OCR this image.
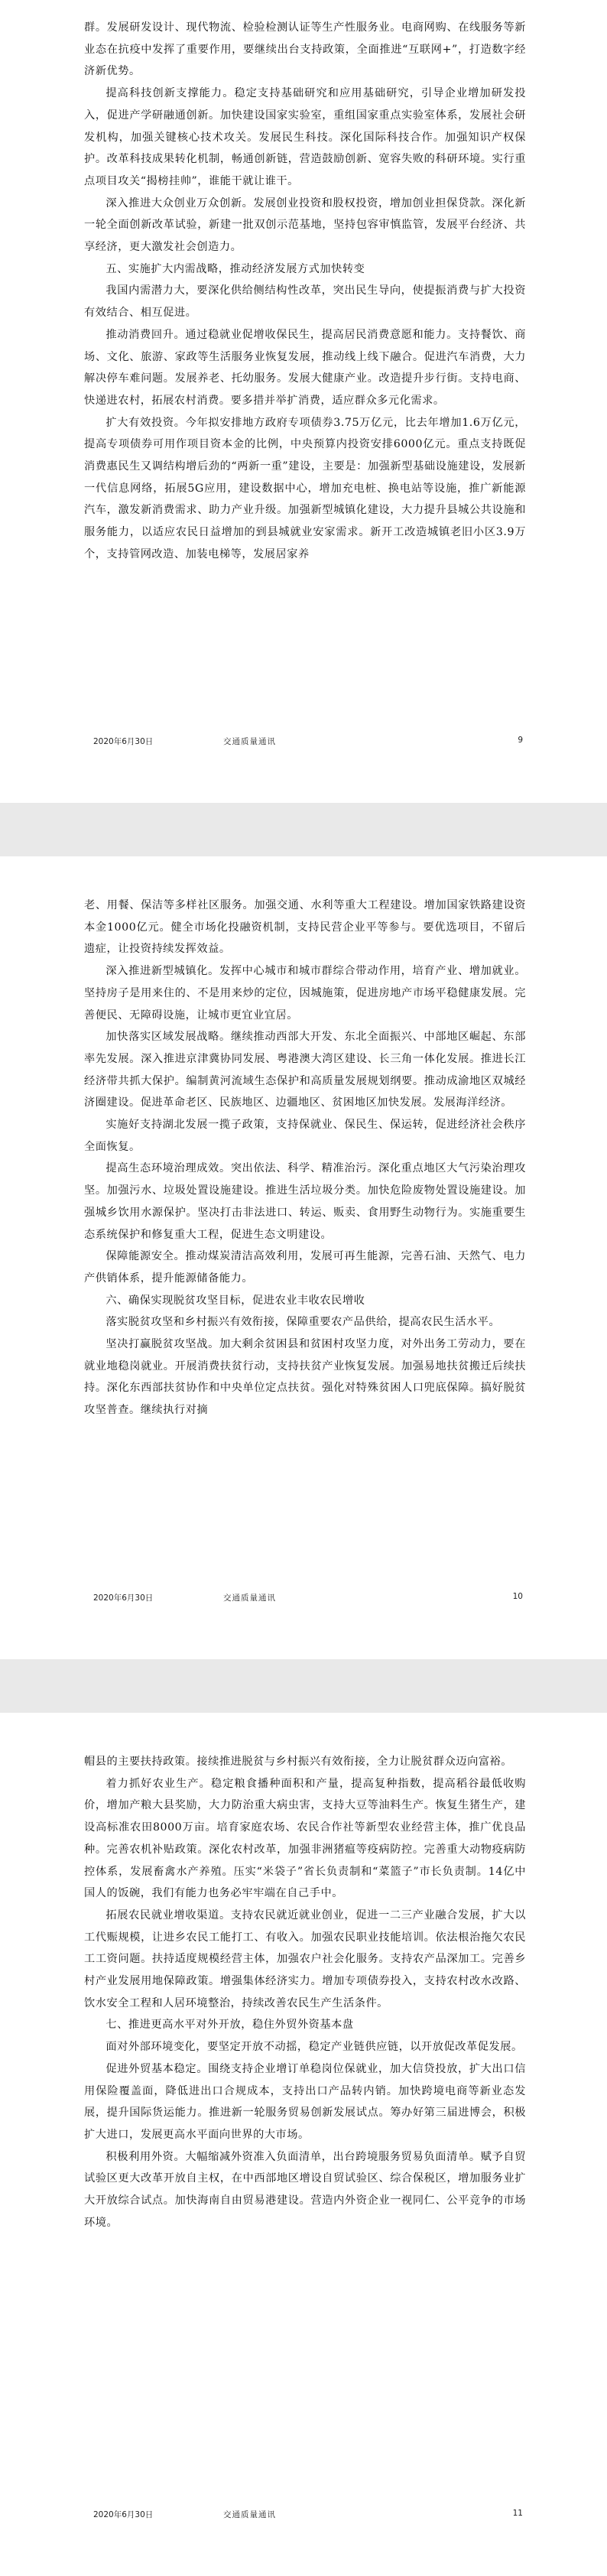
群。发展研发设计、现代物流、检验检测认证等生产性服务业。电商网购、在线服务等新业态在抗疫中发挥了重要作用，要继续出台支持政策，全面推进“互联网+”，打造数字经济新优势。

提高科技创新支撑能力。稳定支持基础研究和应用基础研究，引导企业增加研发投入，促进产学研融通创新。加快建设国家实验室，重组国家重点实验室体系，发展社会研发机构，加强关键核心技术攻关。发展民生科技。深化国际科技合作。加强知识产权保护。改革科技成果转化机制，畅通创新链，营造鼓励创新、宽容失败的科研环境。实行重点项目攻关“揭榜挂帅”，谁能干就让谁干。

深入推进大众创业万众创新。发展创业投资和股权投资，增加创业担保贷款。深化新一轮全面创新改革试验，新建一批双创示范基地，坚持包容审慎监管，发展平台经济、共享经济，更大激发社会创造力。

五、实施扩大内需战略，推动经济发展方式加快转变

我国内需潜力大，要深化供给侧结构性改革，突出民生导向，使提振消费与扩大投资有效结合、相互促进。

推动消费回升。通过稳就业促增收保民生，提高居民消费意愿和能力。支持餐饮、商场、文化、旅游、家政等生活服务业恢复发展，推动线上线下融合。促进汽车消费，大力解决停车难问题。发展养老、托幼服务。发展大健康产业。改造提升步行街。支持电商、快递进农村，拓展农村消费。要多措并举扩消费，适应群众多元化需求。

扩大有效投资。今年拟安排地方政府专项债券3.75万亿元，比去年增加1.6万亿元，提高专项债券可用作项目资本金的比例，中央预算内投资安排6000亿元。重点支持既促消费惠民生又调结构增后劲的“两新一重”建设，主要是：加强新型基础设施建设，发展新一代信息网络，拓展5G应用，建设数据中心，增加充电桩、换电站等设施，推广新能源汽车，激发新消费需求、助力产业升级。加强新型城镇化建设，大力提升县城公共设施和服务能力，以适应农民日益增加的到县城就业安家需求。新开工改造城镇老旧小区3.9万个，支持管网改造、加装电梯等，发展居家养

2020年6月30日	交通质量通讯	9

老、用餐、保洁等多样社区服务。加强交通、水利等重大工程建设。增加国家铁路建设资本金1000亿元。健全市场化投融资机制，支持民营企业平等参与。要优选项目，不留后遗症，让投资持续发挥效益。

深入推进新型城镇化。发挥中心城市和城市群综合带动作用，培育产业、增加就业。坚持房子是用来住的、不是用来炒的定位，因城施策，促进房地产市场平稳健康发展。完善便民、无障碍设施，让城市更宜业宜居。

加快落实区域发展战略。继续推动西部大开发、东北全面振兴、中部地区崛起、东部率先发展。深入推进京津冀协同发展、粤港澳大湾区建设、长三角一体化发展。推进长江经济带共抓大保护。编制黄河流域生态保护和高质量发展规划纲要。推动成渝地区双城经济圈建设。促进革命老区、民族地区、边疆地区、贫困地区加快发展。发展海洋经济。

实施好支持湖北发展一揽子政策，支持保就业、保民生、保运转，促进经济社会秩序全面恢复。

提高生态环境治理成效。突出依法、科学、精准治污。深化重点地区大气污染治理攻坚。加强污水、垃圾处置设施建设。推进生活垃圾分类。加快危险废物处置设施建设。加强城乡饮用水源保护。坚决打击非法进口、转运、贩卖、食用野生动物行为。实施重要生态系统保护和修复重大工程，促进生态文明建设。

保障能源安全。推动煤炭清洁高效利用，发展可再生能源，完善石油、天然气、电力产供销体系，提升能源储备能力。

六、确保实现脱贫攻坚目标，促进农业丰收农民增收

落实脱贫攻坚和乡村振兴有效衔接，保障重要农产品供给，提高农民生活水平。

坚决打赢脱贫攻坚战。加大剩余贫困县和贫困村攻坚力度，对外出务工劳动力，要在就业地稳岗就业。开展消费扶贫行动，支持扶贫产业恢复发展。加强易地扶贫搬迁后续扶持。深化东西部扶贫协作和中央单位定点扶贫。强化对特殊贫困人口兜底保障。搞好脱贫攻坚普查。继续执行对摘

2020年6月30日	交通质量通讯	10

帽县的主要扶持政策。接续推进脱贫与乡村振兴有效衔接，全力让脱贫群众迈向富裕。

着力抓好农业生产。稳定粮食播种面积和产量，提高复种指数，提高稻谷最低收购价，增加产粮大县奖励，大力防治重大病虫害，支持大豆等油料生产。恢复生猪生产，建设高标准农田8000万亩。培育家庭农场、农民合作社等新型农业经营主体，推广优良品种。完善农机补贴政策。深化农村改革，加强非洲猪瘟等疫病防控。完善重大动物疫病防控体系，发展畜禽水产养殖。压实“米袋子”省长负责制和“菜篮子”市长负责制。14亿中国人的饭碗，我们有能力也务必牢牢端在自己手中。

拓展农民就业增收渠道。支持农民就近就业创业，促进一二三产业融合发展，扩大以工代赈规模，让进乡农民工能打工、有收入。加强农民职业技能培训。依法根治拖欠农民工工资问题。扶持适度规模经营主体，加强农户社会化服务。支持农产品深加工。完善乡村产业发展用地保障政策。增强集体经济实力。增加专项债券投入，支持农村改水改路、饮水安全工程和人居环境整治，持续改善农民生产生活条件。

七、推进更高水平对外开放，稳住外贸外资基本盘

面对外部环境变化，要坚定开放不动摇，稳定产业链供应链，以开放促改革促发展。

促进外贸基本稳定。围绕支持企业增订单稳岗位保就业，加大信贷投放，扩大出口信用保险覆盖面，降低进出口合规成本，支持出口产品转内销。加快跨境电商等新业态发展，提升国际货运能力。推进新一轮服务贸易创新发展试点。筹办好第三届进博会，积极扩大进口，发展更高水平面向世界的大市场。

积极利用外资。大幅缩减外资准入负面清单，出台跨境服务贸易负面清单。赋予自贸试验区更大改革开放自主权，在中西部地区增设自贸试验区、综合保税区，增加服务业扩大开放综合试点。加快海南自由贸易港建设。营造内外资企业一视同仁、公平竞争的市场环境。

2020年6月30日	交通质量通讯	11
